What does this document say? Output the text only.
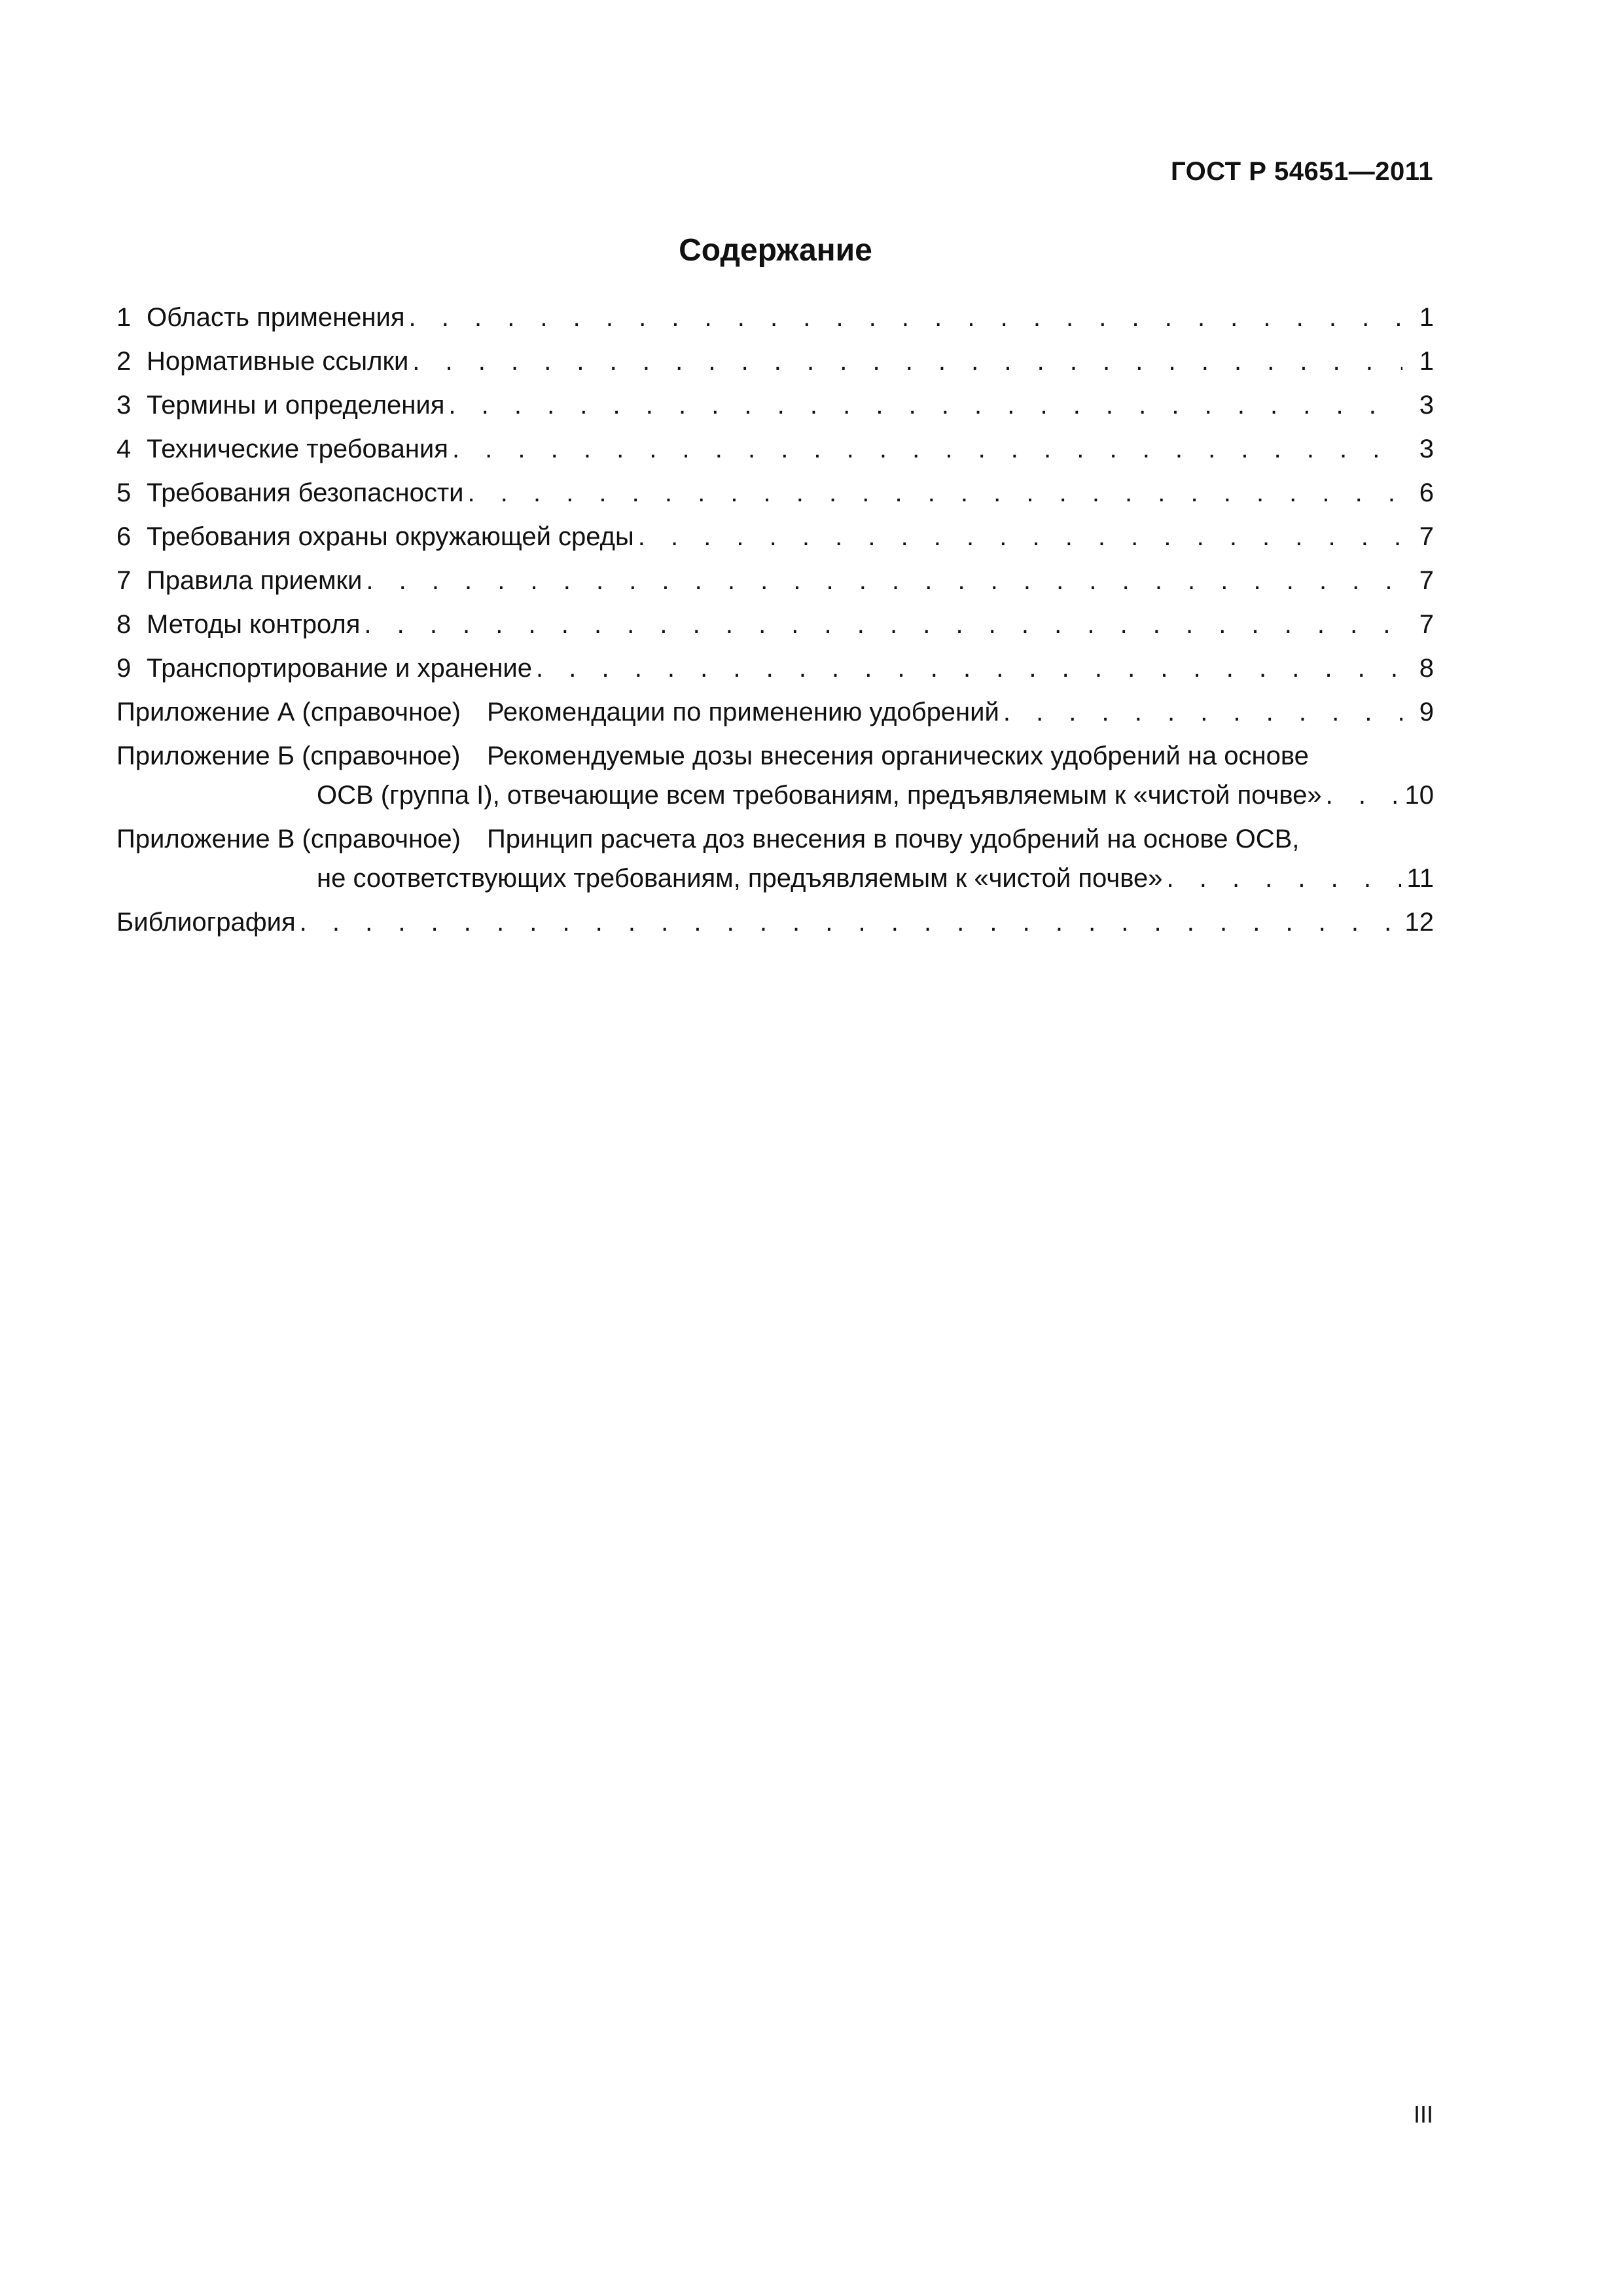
ГОСТ Р 54651—2011
Содержание
1 Область применения . . .	1
2 Нормативные ссылки . . .	1
3 Термины и определения . . .	3
4 Технические требования . . .	3
5 Требования безопасности . . .	6
6 Требования охраны окружающей среды . . .	7
7 Правила приемки . . .	7
8 Методы контроля . . .	7
9 Транспортирование и хранение . . .	8
Приложение А (справочное)	Рекомендации по применению удобрений . . .	9
Приложение Б (справочное) Рекомендуемые дозы внесения органических удобрений на основе
ОСВ (группа I), отвечающие всем требованиям, предъявляемым к «чистой почве» . . .	10
Приложение В (справочное) Принцип расчета доз внесения в почву удобрений на основе ОСВ,
не соответствующих требованиям, предъявляемым к «чистой почве» . . .	11
Библиография . . .	12
III
